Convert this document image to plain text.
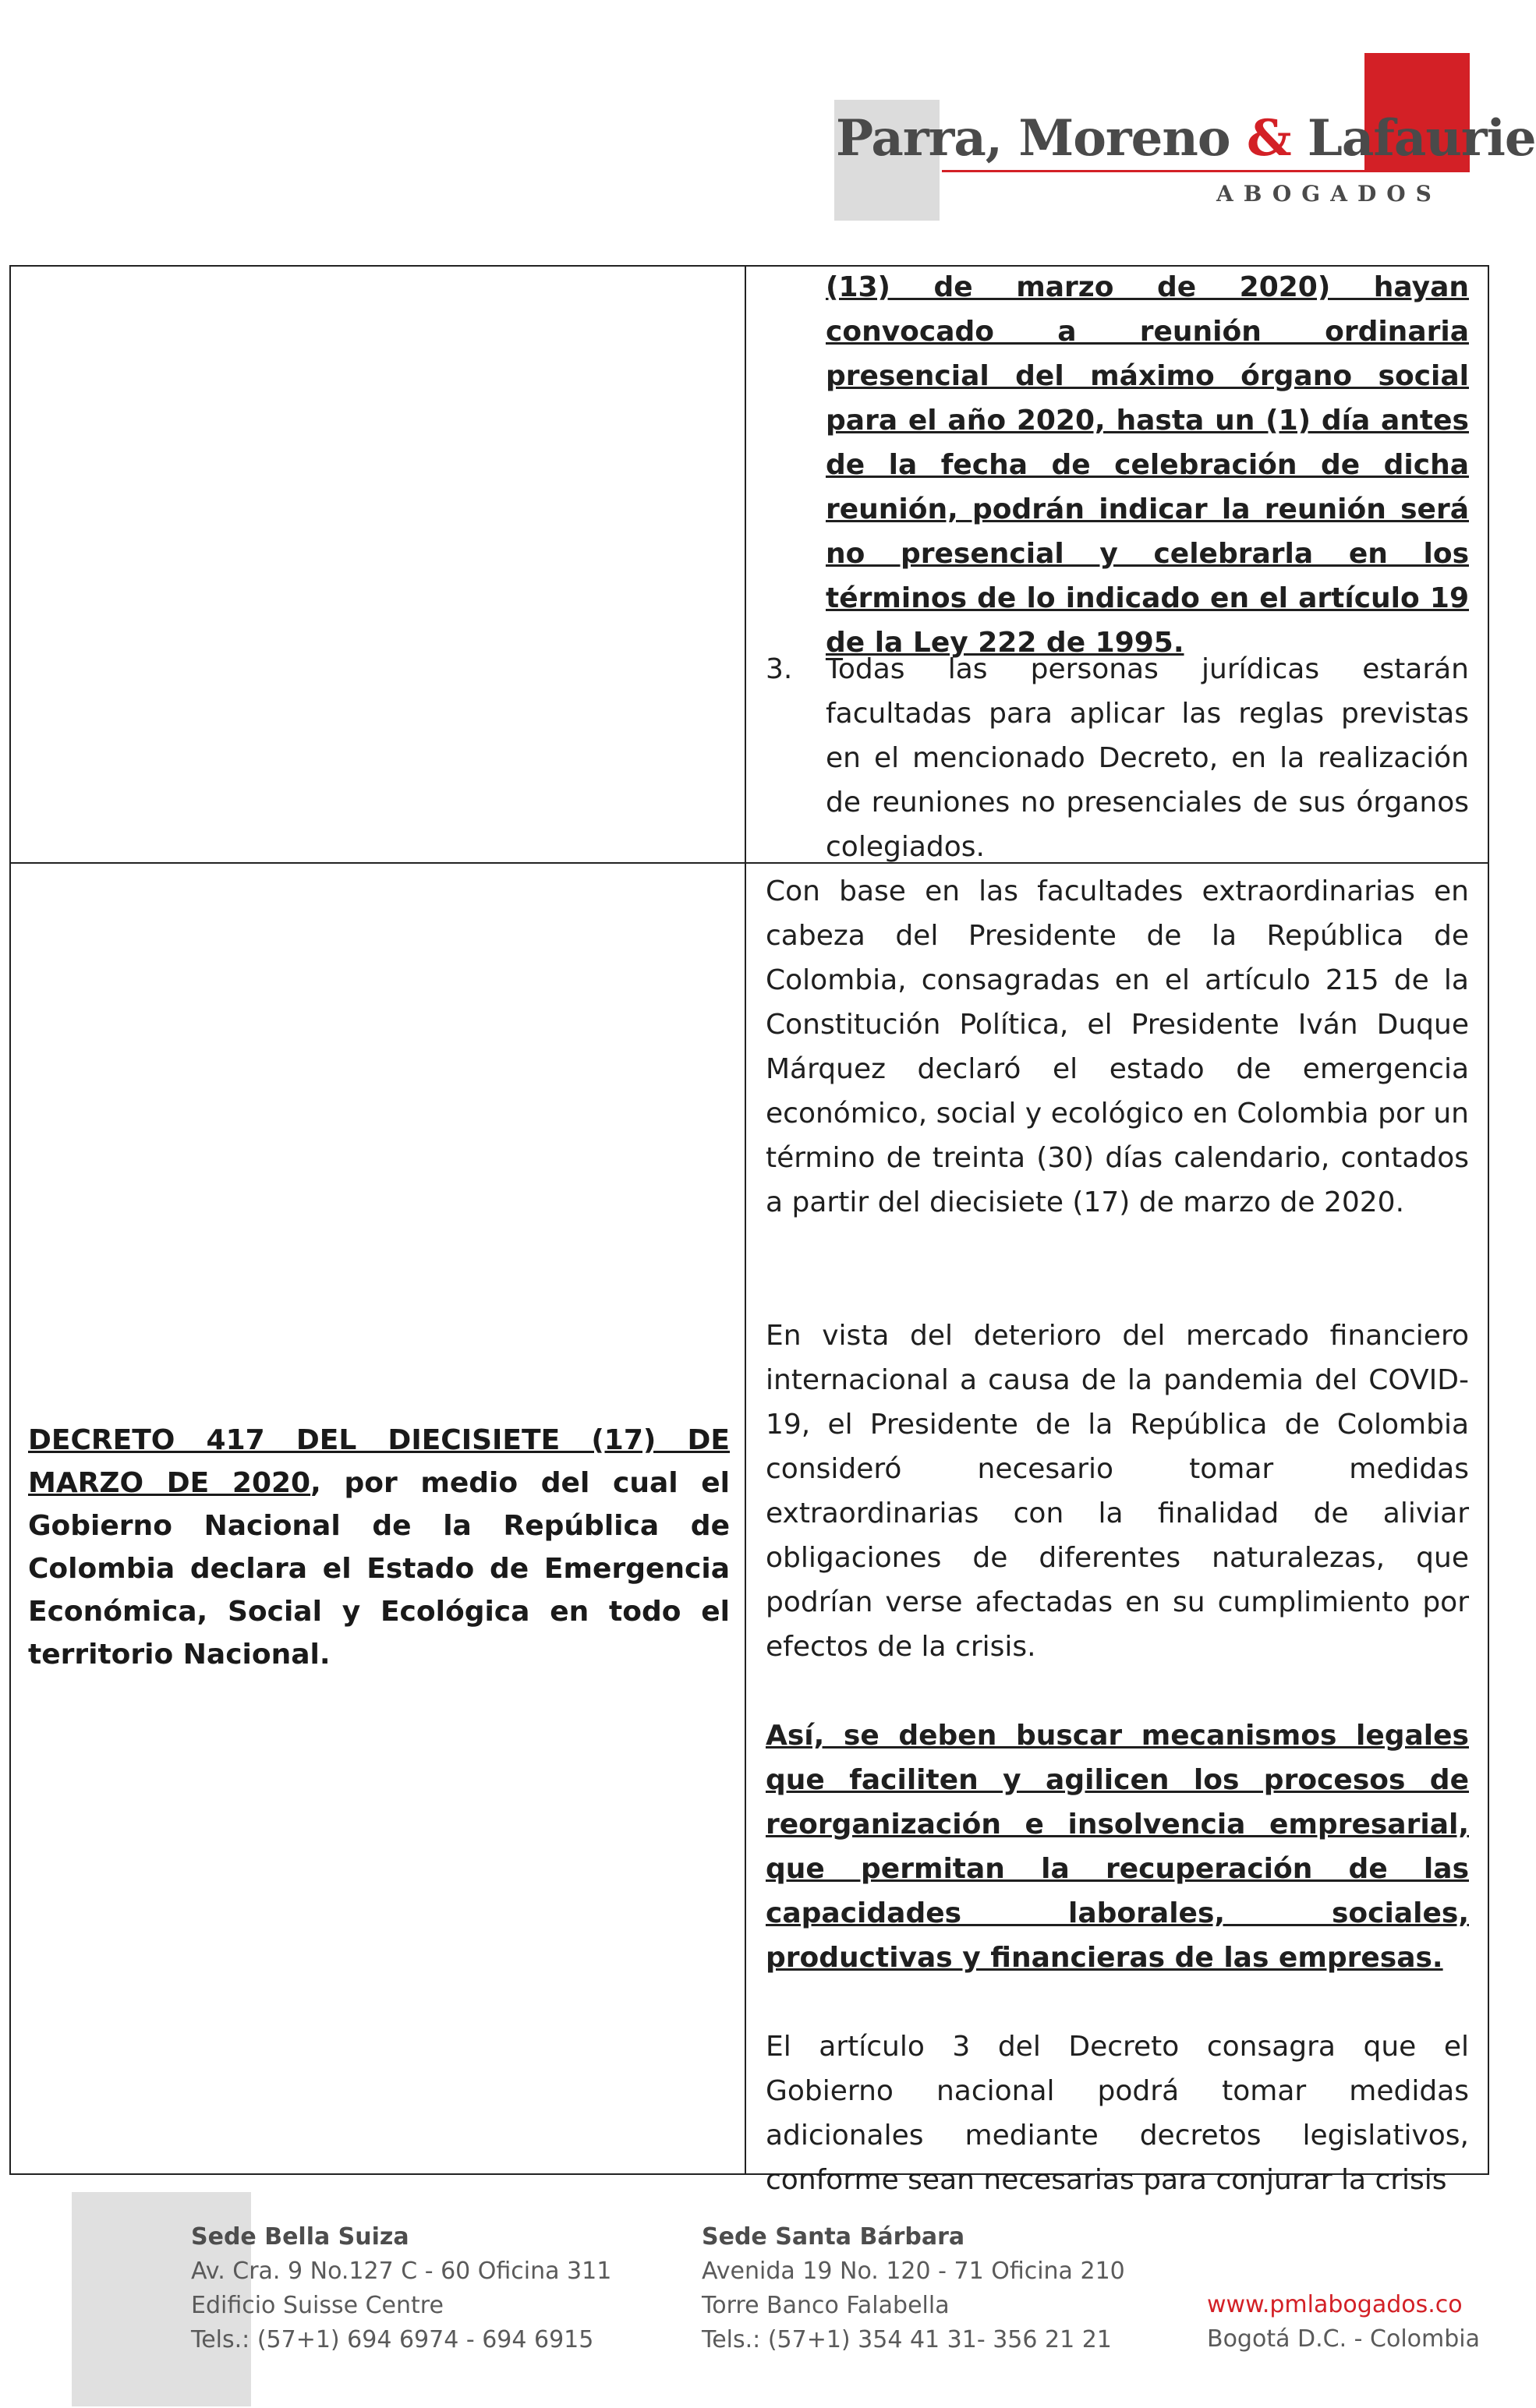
Parra, Moreno & Lafaurie
ABOGADOS
(13) de marzo de 2020) hayan convocado a reunión ordinaria presencial del máximo órgano social para el año 2020, hasta un (1) día antes de la fecha de celebración de dicha reunión, podrán indicar la reunión será no presencial y celebrarla en los términos de lo indicado en el artículo 19 de la Ley 222 de 1995.
3.	Todas las personas jurídicas estarán facultadas para aplicar las reglas previstas en el mencionado Decreto, en la realización de reuniones no presenciales de sus órganos colegiados.
DECRETO 417 DEL DIECISIETE (17) DE MARZO DE 2020, por medio del cual el Gobierno Nacional de la República de Colombia declara el Estado de Emergencia Económica, Social y Ecológica en todo el territorio Nacional.
Con base en las facultades extraordinarias en cabeza del Presidente de la República de Colombia, consagradas en el artículo 215 de la Constitución Política, el Presidente Iván Duque Márquez declaró el estado de emergencia económico, social y ecológico en Colombia por un término de treinta (30) días calendario, contados a partir del diecisiete (17) de marzo de 2020.
En vista del deterioro del mercado financiero internacional a causa de la pandemia del COVID-19, el Presidente de la República de Colombia consideró necesario tomar medidas extraordinarias con la finalidad de aliviar obligaciones de diferentes naturalezas, que podrían verse afectadas en su cumplimiento por efectos de la crisis.
Así, se deben buscar mecanismos legales que faciliten y agilicen los procesos de reorganización e insolvencia empresarial, que permitan la recuperación de las capacidades laborales, sociales, productivas y financieras de las empresas.
El artículo 3 del Decreto consagra que el Gobierno nacional podrá tomar medidas adicionales mediante decretos legislativos, conforme sean necesarias para conjurar la crisis
Sede Bella Suiza
Av. Cra. 9 No.127 C - 60 Oficina 311
Edificio Suisse Centre
Tels.: (57+1) 694 6974 - 694 6915
Sede Santa Bárbara
Avenida 19 No. 120 - 71 Oficina 210
Torre Banco Falabella
Tels.: (57+1) 354 41 31- 356 21 21
www.pmlabogados.co
Bogotá D.C. - Colombia
